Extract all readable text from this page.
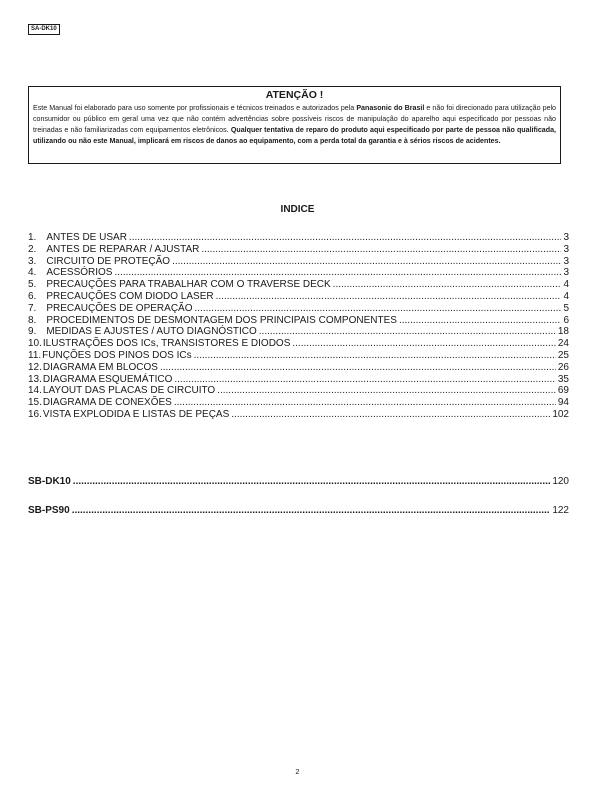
SA-DK10
ATENÇÃO !
Este Manual foi elaborado para uso somente por profissionais e técnicos treinados e autorizados pela Panasonic do Brasil e não foi direcionado para utilização pelo consumidor ou público em geral uma vez que não contém advertências sobre possíveis riscos de manipulação do aparelho aqui especificado por pessoas não treinadas e não familiarizadas com equipamentos eletrônicos. Qualquer tentativa de reparo do produto aqui especificado por parte de pessoa não qualificada, utilizando ou não este Manual, implicará em riscos de danos ao equipamento, com a perda total da garantia e à sérios riscos de acidentes.
INDICE
1. ANTES DE USAR .....	3
2. ANTES DE REPARAR / AJUSTAR .....	3
3. CIRCUITO DE PROTEÇÃO .....	3
4. ACESSÓRIOS .....	3
5. PRECAUÇÕES PARA TRABALHAR COM O TRAVERSE DECK .....	4
6. PRECAUÇÕES COM DIODO LASER .....	4
7. PRECAUÇÕES DE OPERAÇÃO .....	5
8. PROCEDIMENTOS DE DESMONTAGEM DOS PRINCIPAIS COMPONENTES .....	6
9. MEDIDAS E AJUSTES / AUTO DIAGNÓSTICO .....	18
10. ILUSTRAÇÕES DOS ICs, TRANSISTORES E DIODOS .....	24
11. FUNÇÕES DOS PINOS DOS ICs .....	25
12. DIAGRAMA EM BLOCOS .....	26
13. DIAGRAMA ESQUEMÁTICO .....	35
14. LAYOUT DAS PLACAS DE CIRCUITO .....	69
15. DIAGRAMA DE CONEXÕES .....	94
16. VISTA EXPLODIDA E LISTAS DE PEÇAS .....	102
SB-DK10 .....	120
SB-PS90 .....	122
2
